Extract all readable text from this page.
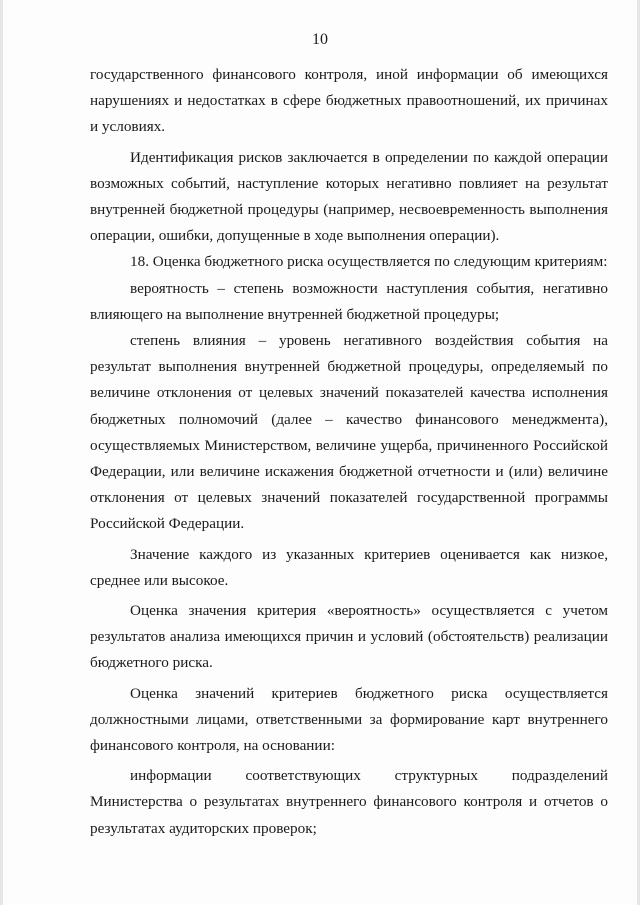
10

государственного финансового контроля, иной информации об имеющихся нарушениях и недостатках в сфере бюджетных правоотношений, их причинах и условиях.

Идентификация рисков заключается в определении по каждой операции возможных событий, наступление которых негативно повлияет на результат внутренней бюджетной процедуры (например, несвоевременность выполнения операции, ошибки, допущенные в ходе выполнения операции).

18. Оценка бюджетного риска осуществляется по следующим критериям:

вероятность – степень возможности наступления события, негативно влияющего на выполнение внутренней бюджетной процедуры;

степень влияния – уровень негативного воздействия события на результат выполнения внутренней бюджетной процедуры, определяемый по величине отклонения от целевых значений показателей качества исполнения бюджетных полномочий (далее – качество финансового менеджмента), осуществляемых Министерством, величине ущерба, причиненного Российской Федерации, или величине искажения бюджетной отчетности и (или) величине отклонения от целевых значений показателей государственной программы Российской Федерации.

Значение каждого из указанных критериев оценивается как низкое, среднее или высокое.

Оценка значения критерия «вероятность» осуществляется с учетом результатов анализа имеющихся причин и условий (обстоятельств) реализации бюджетного риска.

Оценка значений критериев бюджетного риска осуществляется должностными лицами, ответственными за формирование карт внутреннего финансового контроля, на основании:

информации соответствующих структурных подразделений Министерства о результатах внутреннего финансового контроля и отчетов о результатах аудиторских проверок;
